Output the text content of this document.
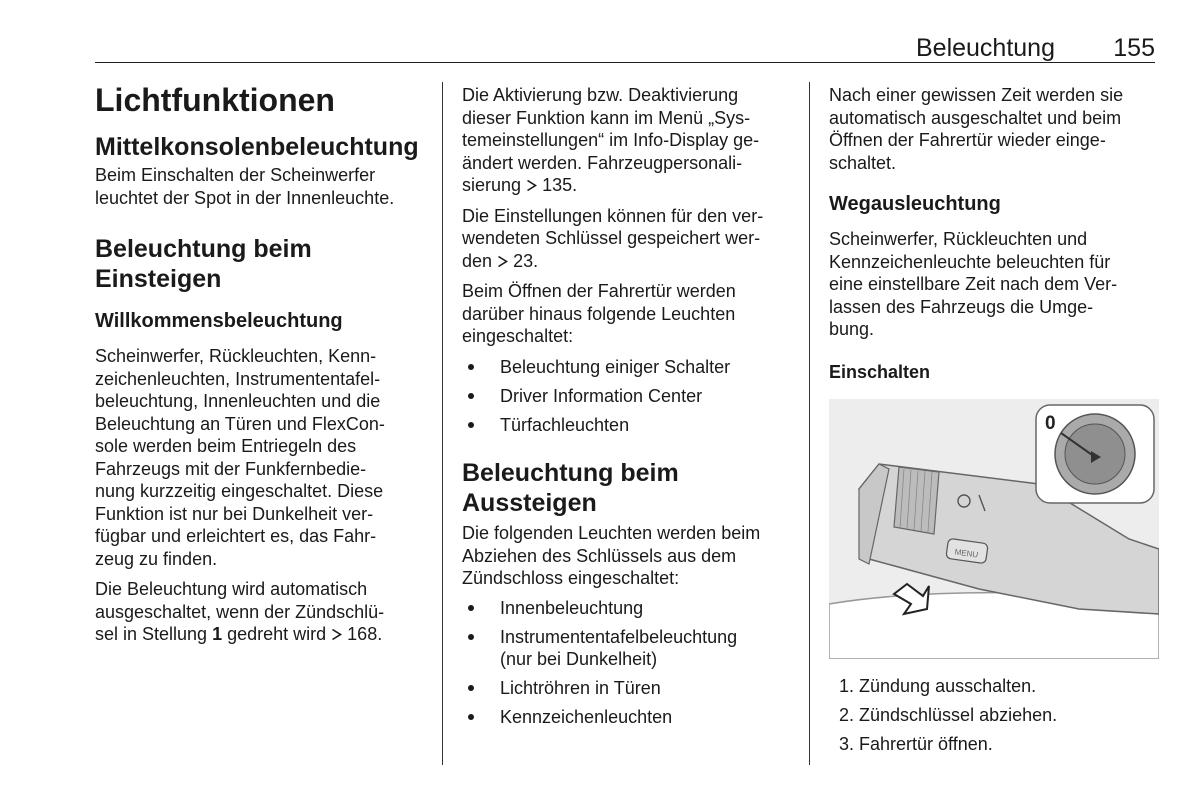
Beleuchtung 155
Lichtfunktionen
Mittelkonsolenbeleuchtung

Beim Einschalten der Scheinwerfer
leuchtet der Spot in der Innenleuchte.

Beleuchtung beim
Einsteigen
Willkommensbeleuchtung

Scheinwerfer, Rückleuchten, Kenn-
zeichenleuchten, Instrumententafel-
beleuchtung, Innenleuchten und die
Beleuchtung an Türen und FlexCon-
sole werden beim Entriegeln des
Fahrzeugs mit der Funkfernbedie-
nung kurzzeitig eingeschaltet. Diese
Funktion ist nur bei Dunkelheit ver-
fügbar und erleichtert es, das Fahr-
zeug zu finden.

Die Beleuchtung wird automatisch
ausgeschaltet, wenn der Zündschlü-
sel in Stellung 1 gedreht wird  168.

Die Aktivierung bzw. Deaktivierung
dieser Funktion kann im Menü „Sys-
temeinstellungen“ im Info-Display ge-
ändert werden. Fahrzeugpersonali-
sierung  135.

Die Einstellungen können für den ver-
wendeten Schlüssel gespeichert wer-
den  23.

Beim Öffnen der Fahrertür werden
darüber hinaus folgende Leuchten
eingeschaltet:

Beleuchtung einiger Schalter
Driver Information Center
Türfachleuchten
Beleuchtung beim
Aussteigen

Die folgenden Leuchten werden beim
Abziehen des Schlüssels aus dem
Zündschloss eingeschaltet:

Innenbeleuchtung
Instrumententafelbeleuchtung
(nur bei Dunkelheit)
Lichtröhren in Türen
Kennzeichenleuchten

Nach einer gewissen Zeit werden sie
automatisch ausgeschaltet und beim
Öffnen der Fahrertür wieder einge-
schaltet.

Wegausleuchtung

Scheinwerfer, Rückleuchten und
Kennzeichenleuchte beleuchten für
eine einstellbare Zeit nach dem Ver-
lassen des Fahrzeugs die Umge-
bung.

Einschalten
MENU
0
1. Zündung ausschalten.
2. Zündschlüssel abziehen.
3. Fahrertür öffnen.
